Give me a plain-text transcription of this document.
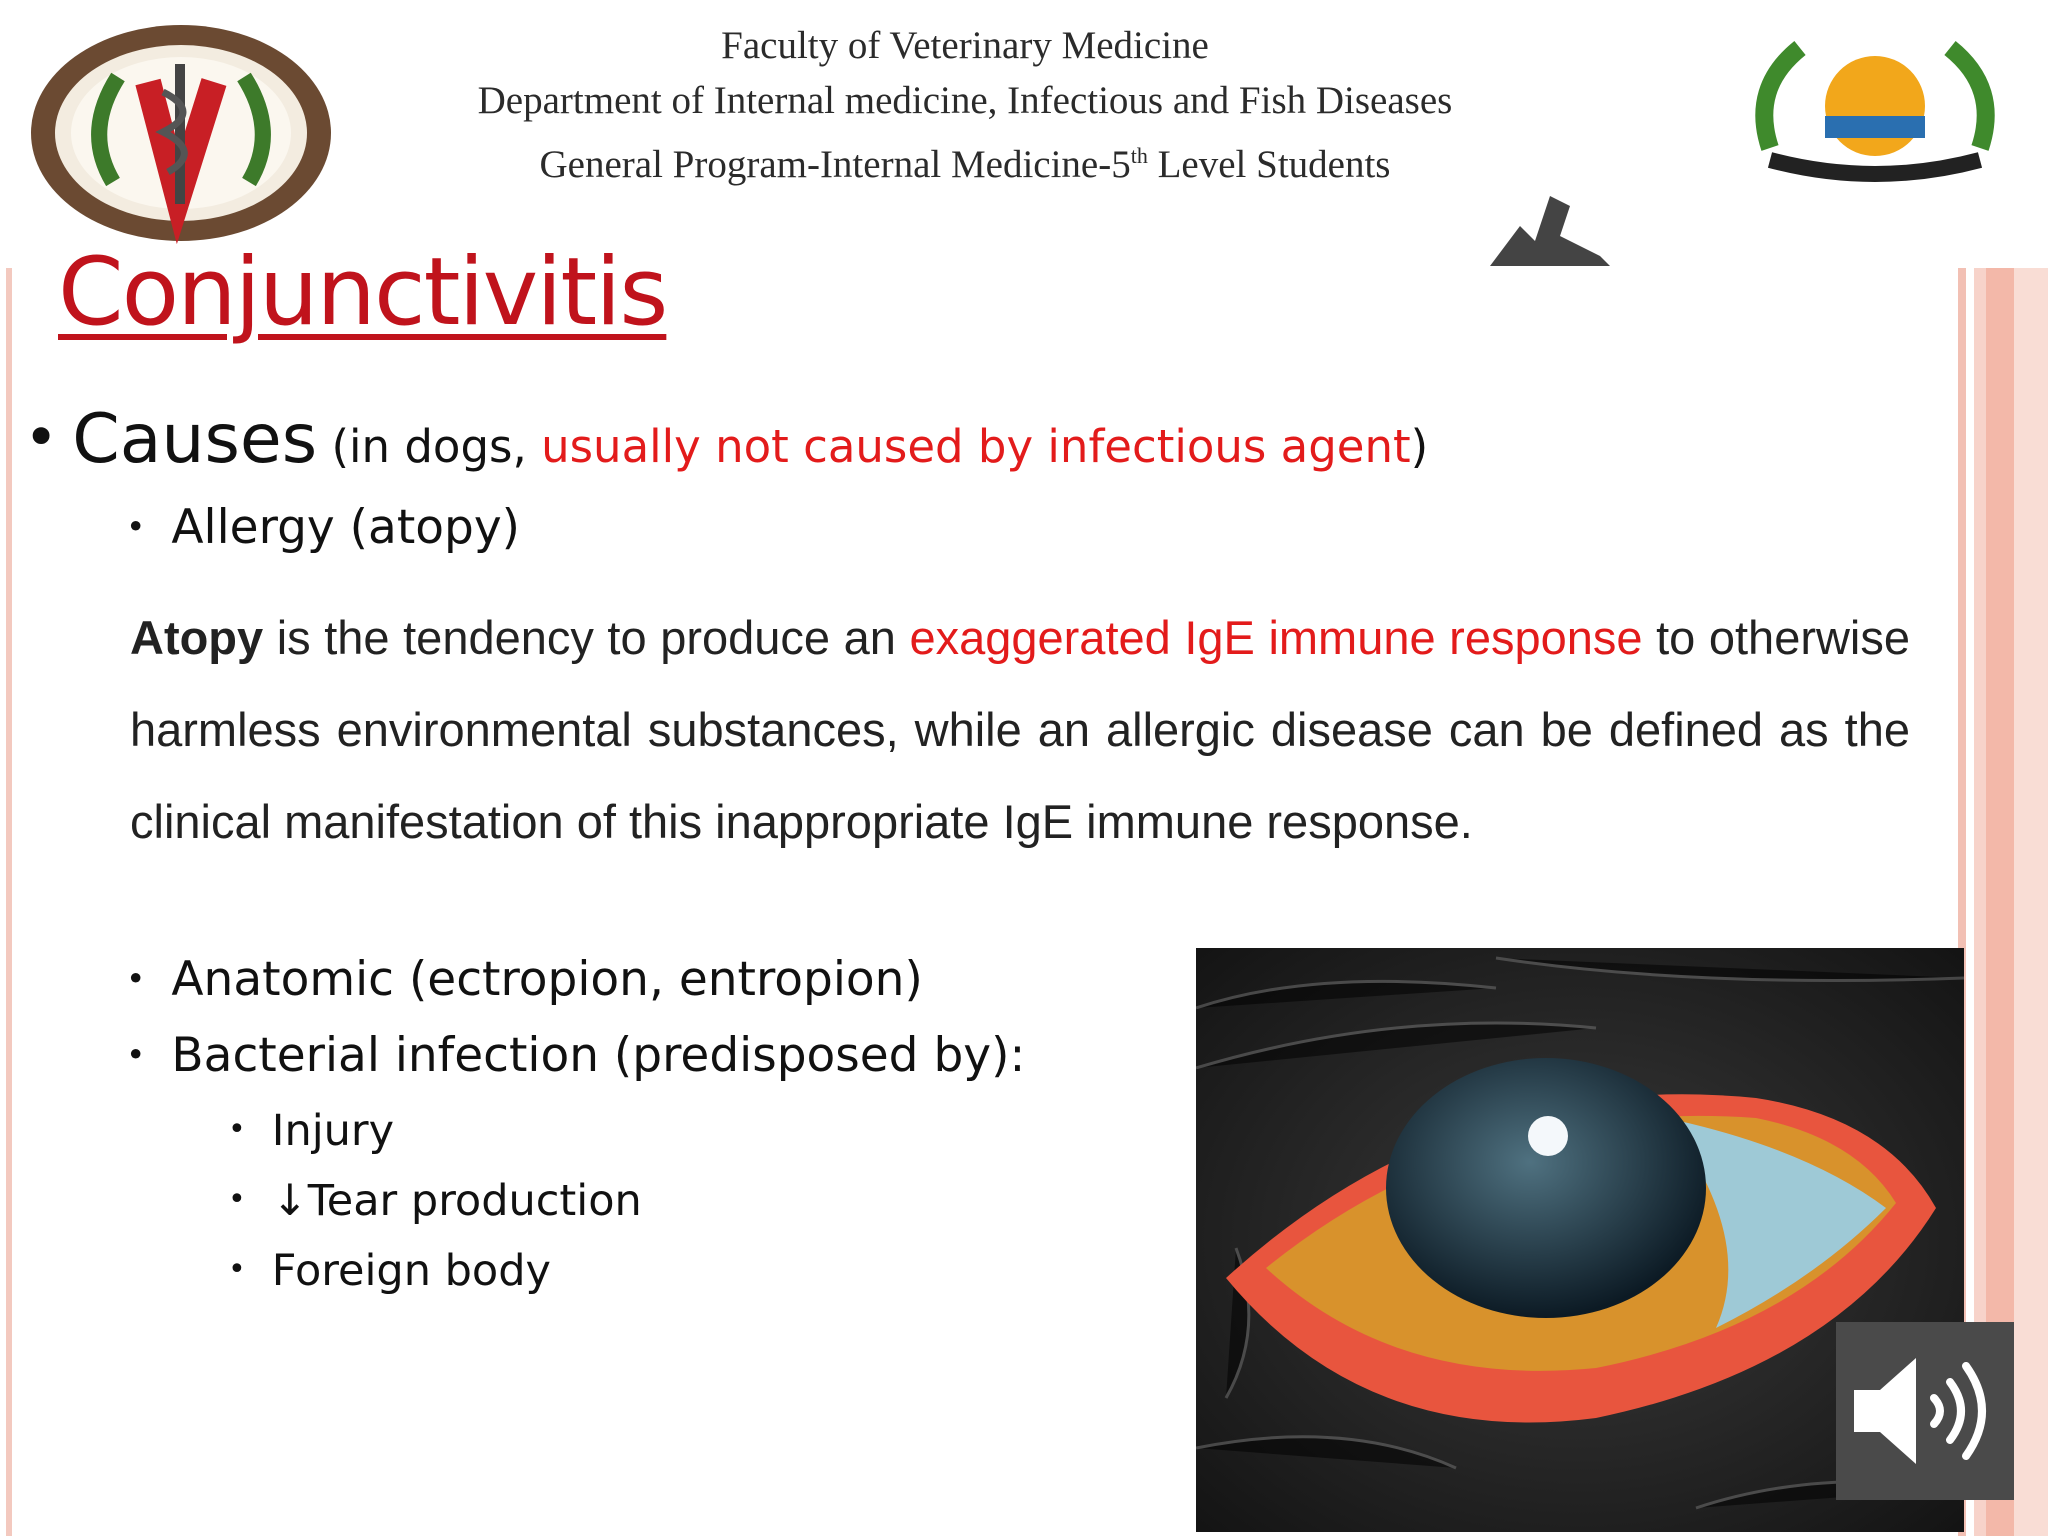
Faculty of Veterinary Medicine
Department of Internal medicine, Infectious and Fish Diseases
General Program-Internal Medicine-5th Level Students
Conjunctivitis
• Causes (in dogs, usually not caused by infectious agent)
• Allergy (atopy)
Atopy is the tendency to produce an exaggerated IgE immune response to otherwise harmless environmental substances, while an allergic disease can be defined as the clinical manifestation of this inappropriate IgE immune response.
• Anatomic (ectropion, entropion)
• Bacterial infection (predisposed by):
• Injury
• ↓Tear production
• Foreign body
